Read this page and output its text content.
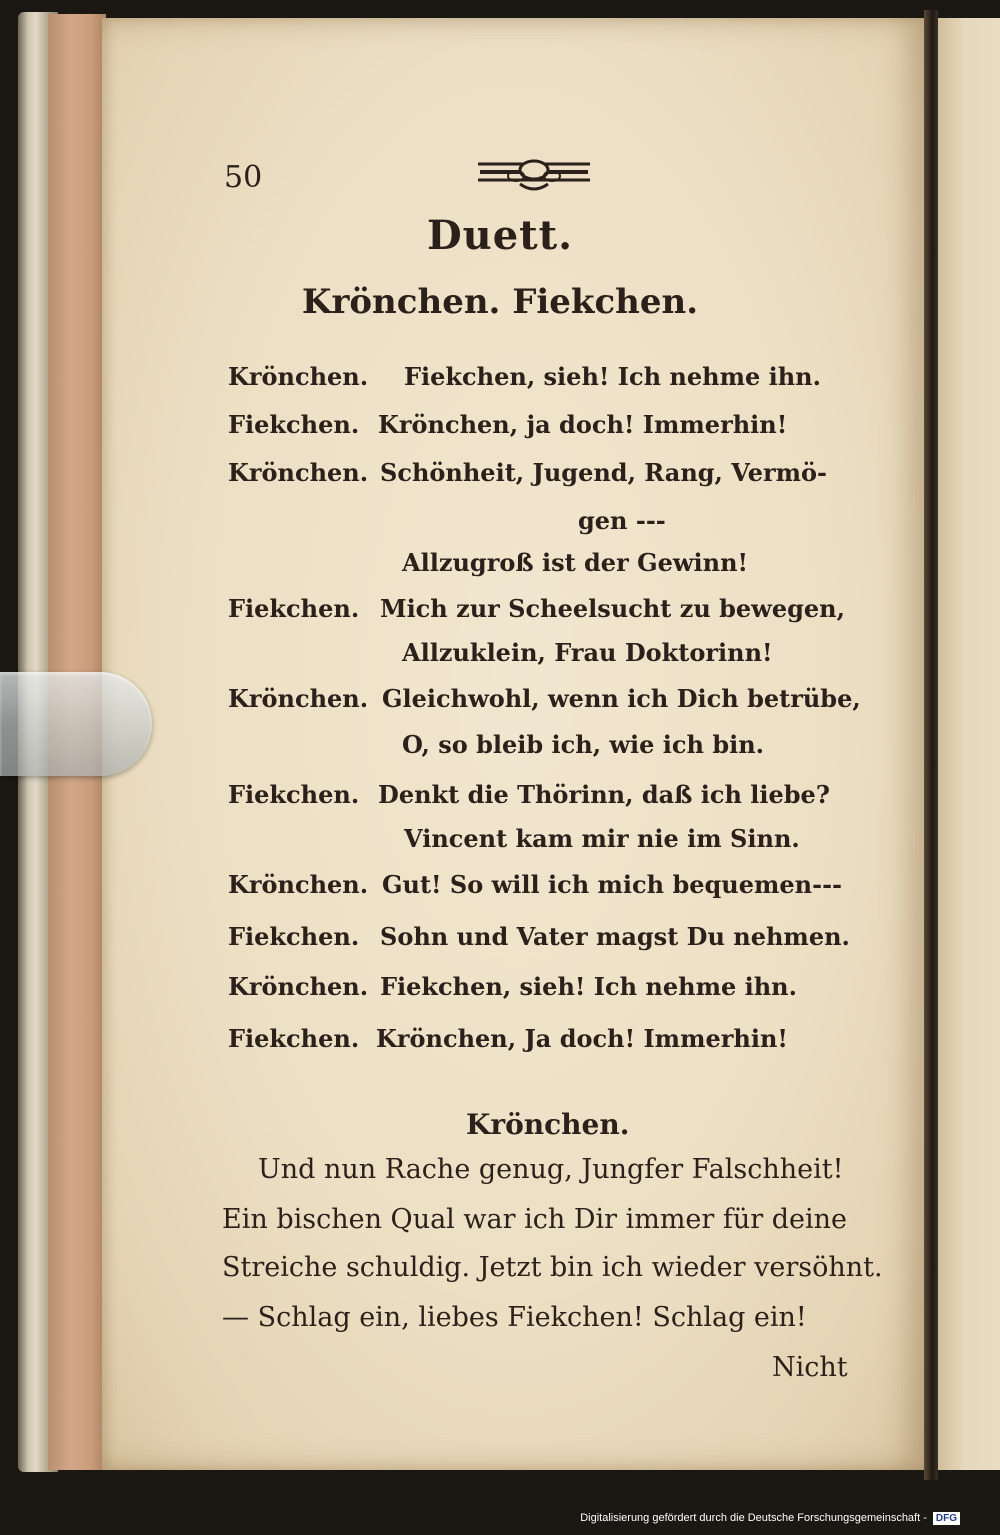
50
Duett.
Krönchen. Fiekchen.
Krönchen. Fiekchen, sieh! Ich nehme ihn.
Fiekchen. Krönchen, ja doch! Immerhin!
Krönchen. Schönheit, Jugend, Rang, Vermö-
gen ---
Allzugroß ist der Gewinn!
Fiekchen. Mich zur Scheelsucht zu bewegen,
Allzuklein, Frau Doktorinn!
Krönchen. Gleichwohl, wenn ich Dich betrübe,
O, so bleib ich, wie ich bin.
Fiekchen. Denkt die Thörinn, daß ich liebe?
Vincent kam mir nie im Sinn.
Krönchen. Gut! So will ich mich bequemen---
Fiekchen. Sohn und Vater magst Du nehmen.
Krönchen. Fiekchen, sieh! Ich nehme ihn.
Fiekchen. Krönchen, Ja doch! Immerhin!
Krönchen.
Und nun Rache genug, Jungfer Falschheit!
Ein bischen Qual war ich Dir immer für deine
Streiche schuldig. Jetzt bin ich wieder versöhnt.
— Schlag ein, liebes Fiekchen! Schlag ein!
Nicht
Digitalisierung gefördert durch die Deutsche Forschungsgemeinschaft - DFG
